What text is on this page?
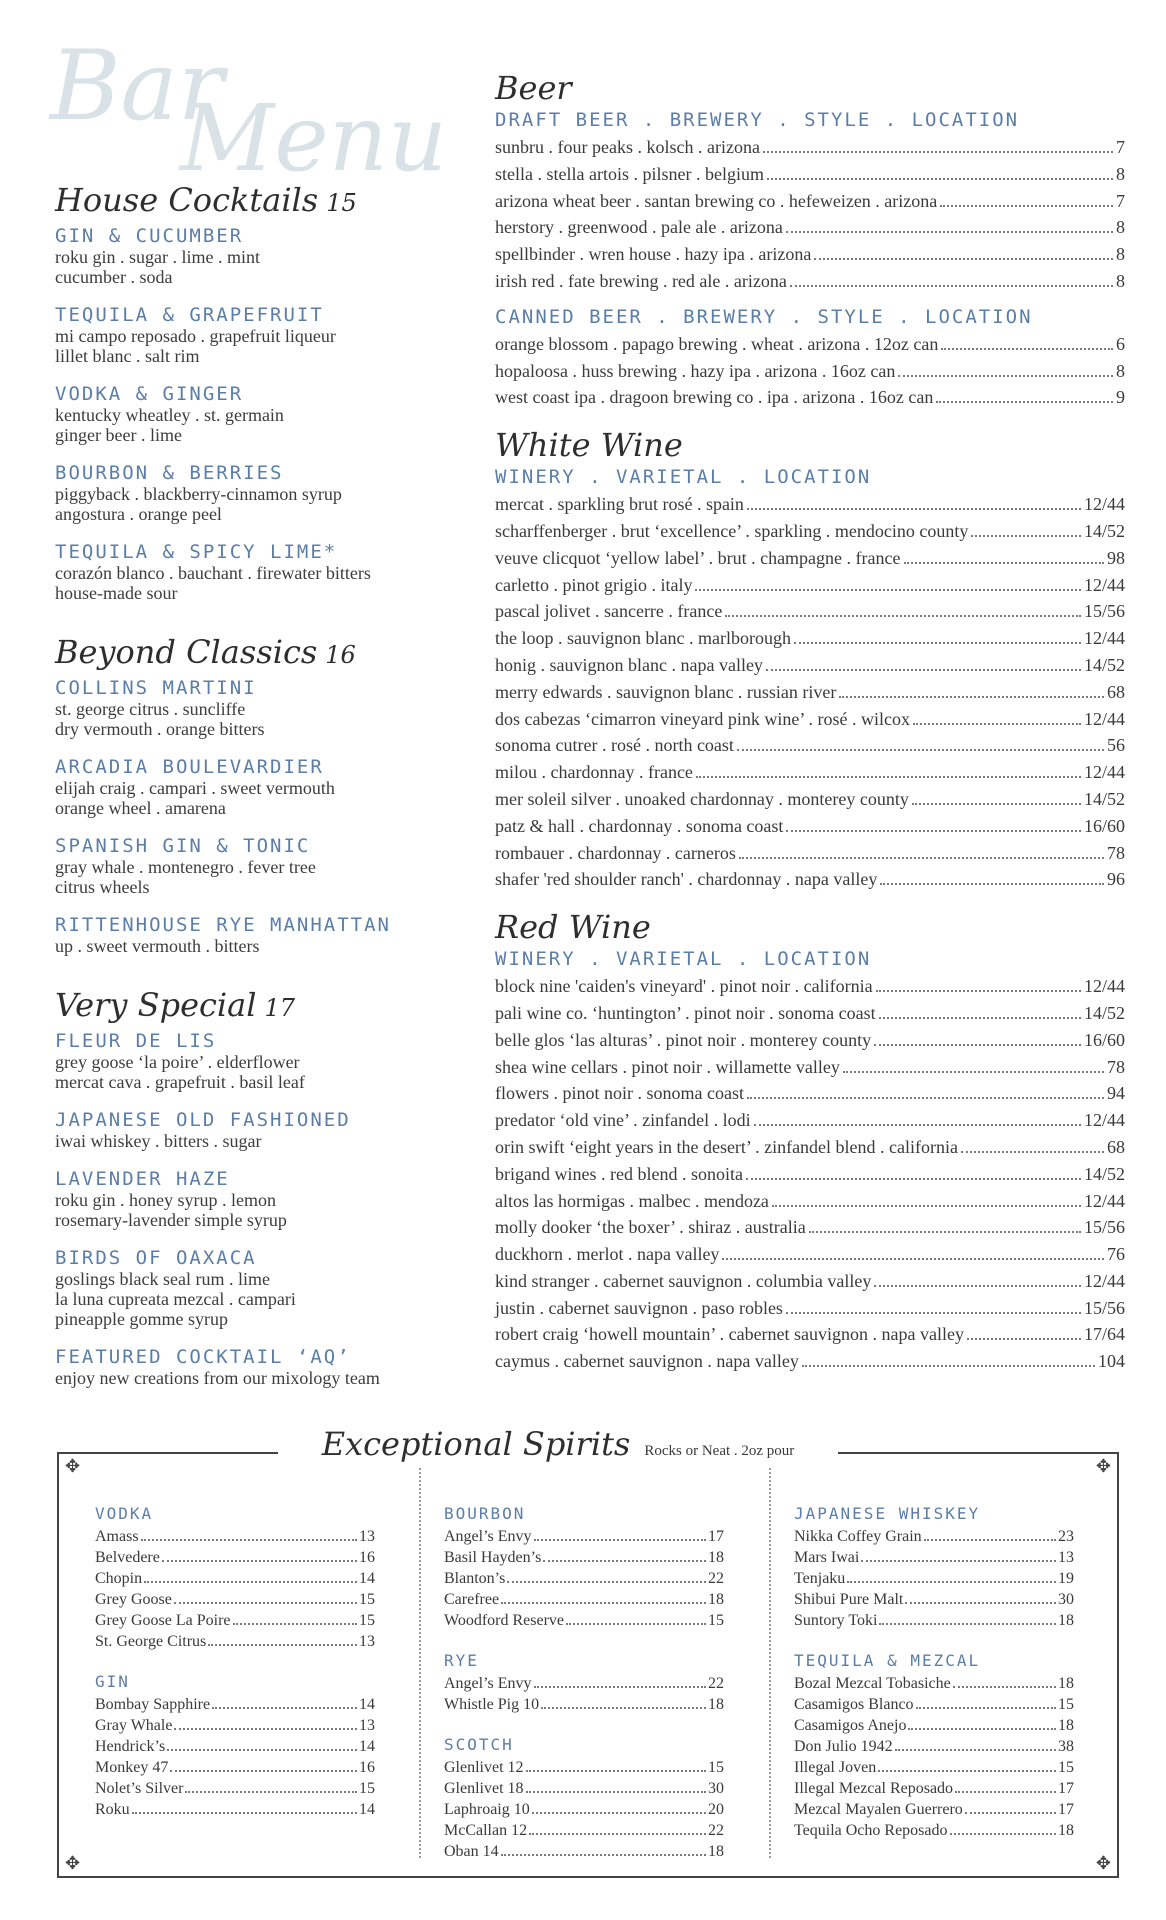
Bar
Menu
House Cocktails 15
GIN & CUCUMBER
roku gin . sugar . lime . mint
cucumber . soda
TEQUILA & GRAPEFRUIT
mi campo reposado . grapefruit liqueur
lillet blanc . salt rim
VODKA & GINGER
kentucky wheatley . st. germain
ginger beer . lime
BOURBON & BERRIES
piggyback . blackberry-cinnamon syrup
angostura . orange peel
TEQUILA & SPICY LIME*
corazón blanco . bauchant . firewater bitters
house-made sour
Beyond Classics 16
COLLINS MARTINI
st. george citrus . suncliffe
dry vermouth . orange bitters
ARCADIA BOULEVARDIER
elijah craig . campari . sweet vermouth
orange wheel . amarena
SPANISH GIN & TONIC
gray whale . montenegro . fever tree
citrus wheels
RITTENHOUSE RYE MANHATTAN
up . sweet vermouth . bitters
Very Special 17
FLEUR DE LIS
grey goose ‘la poire’ . elderflower
mercat cava . grapefruit . basil leaf
JAPANESE OLD FASHIONED
iwai whiskey . bitters . sugar
LAVENDER HAZE
roku gin . honey syrup . lemon
rosemary-lavender simple syrup
BIRDS OF OAXACA
goslings black seal rum . lime
la luna cupreata mezcal . campari
pineapple gomme syrup
FEATURED COCKTAIL ‘AQ’
enjoy new creations from our mixology team
Beer
DRAFT BEER . BREWERY . STYLE . LOCATION
sunbru . four peaks . kolsch . arizona	7
stella . stella artois . pilsner . belgium	8
arizona wheat beer . santan brewing co . hefeweizen . arizona	7
herstory . greenwood . pale ale . arizona	8
spellbinder . wren house . hazy ipa . arizona	8
irish red . fate brewing . red ale . arizona	8
CANNED BEER . BREWERY . STYLE . LOCATION
orange blossom . papago brewing . wheat . arizona . 12oz can	6
hopaloosa . huss brewing . hazy ipa . arizona . 16oz can	8
west coast ipa . dragoon brewing co . ipa . arizona . 16oz can	9
White Wine
WINERY . VARIETAL . LOCATION
mercat . sparkling brut rosé . spain	12/44
scharffenberger . brut ‘excellence’ . sparkling . mendocino county	14/52
veuve clicquot ‘yellow label’ . brut . champagne . france	98
carletto . pinot grigio . italy	12/44
pascal jolivet . sancerre . france	15/56
the loop . sauvignon blanc . marlborough	12/44
honig . sauvignon blanc . napa valley	14/52
merry edwards . sauvignon blanc . russian river	68
dos cabezas ‘cimarron vineyard pink wine’ . rosé . wilcox	12/44
sonoma cutrer . rosé . north coast	56
milou . chardonnay . france	12/44
mer soleil silver . unoaked chardonnay . monterey county	14/52
patz & hall . chardonnay . sonoma coast	16/60
rombauer . chardonnay . carneros	78
shafer 'red shoulder ranch' . chardonnay . napa valley	96
Red Wine
WINERY . VARIETAL . LOCATION
block nine 'caiden's vineyard' . pinot noir . california	12/44
pali wine co. ‘huntington’ . pinot noir . sonoma coast	14/52
belle glos ‘las alturas’ . pinot noir . monterey county	16/60
shea wine cellars . pinot noir . willamette valley	78
flowers . pinot noir . sonoma coast	94
predator ‘old vine’ . zinfandel . lodi	12/44
orin swift ‘eight years in the desert’ . zinfandel blend . california	68
brigand wines . red blend . sonoita	14/52
altos las hormigas . malbec . mendoza	12/44
molly dooker ‘the boxer’ . shiraz . australia	15/56
duckhorn . merlot . napa valley	76
kind stranger . cabernet sauvignon . columbia valley	12/44
justin . cabernet sauvignon . paso robles	15/56
robert craig ‘howell mountain’ . cabernet sauvignon . napa valley	17/64
caymus . cabernet sauvignon . napa valley	104
✥	✥
✥	✥
VODKA
Amass	13
Belvedere	16
Chopin	14
Grey Goose	15
Grey Goose La Poire	15
St. George Citrus	13
GIN
Bombay Sapphire	14
Gray Whale	13
Hendrick’s	14
Monkey 47	16
Nolet’s Silver	15
Roku	14
BOURBON
Angel’s Envy	17
Basil Hayden’s	18
Blanton’s	22
Carefree	18
Woodford Reserve	15
RYE
Angel’s Envy	22
Whistle Pig 10	18
SCOTCH
Glenlivet 12	15
Glenlivet 18	30
Laphroaig 10	20
McCallan 12	22
Oban 14	18
JAPANESE WHISKEY
Nikka Coffey Grain	23
Mars Iwai	13
Tenjaku	19
Shibui Pure Malt	30
Suntory Toki	18
TEQUILA & MEZCAL
Bozal Mezcal Tobasiche	18
Casamigos Blanco	15
Casamigos Anejo	18
Don Julio 1942	38
Illegal Joven	15
Illegal Mezcal Reposado	17
Mezcal Mayalen Guerrero	17
Tequila Ocho Reposado	18
Exceptional Spirits Rocks or Neat . 2oz pour
